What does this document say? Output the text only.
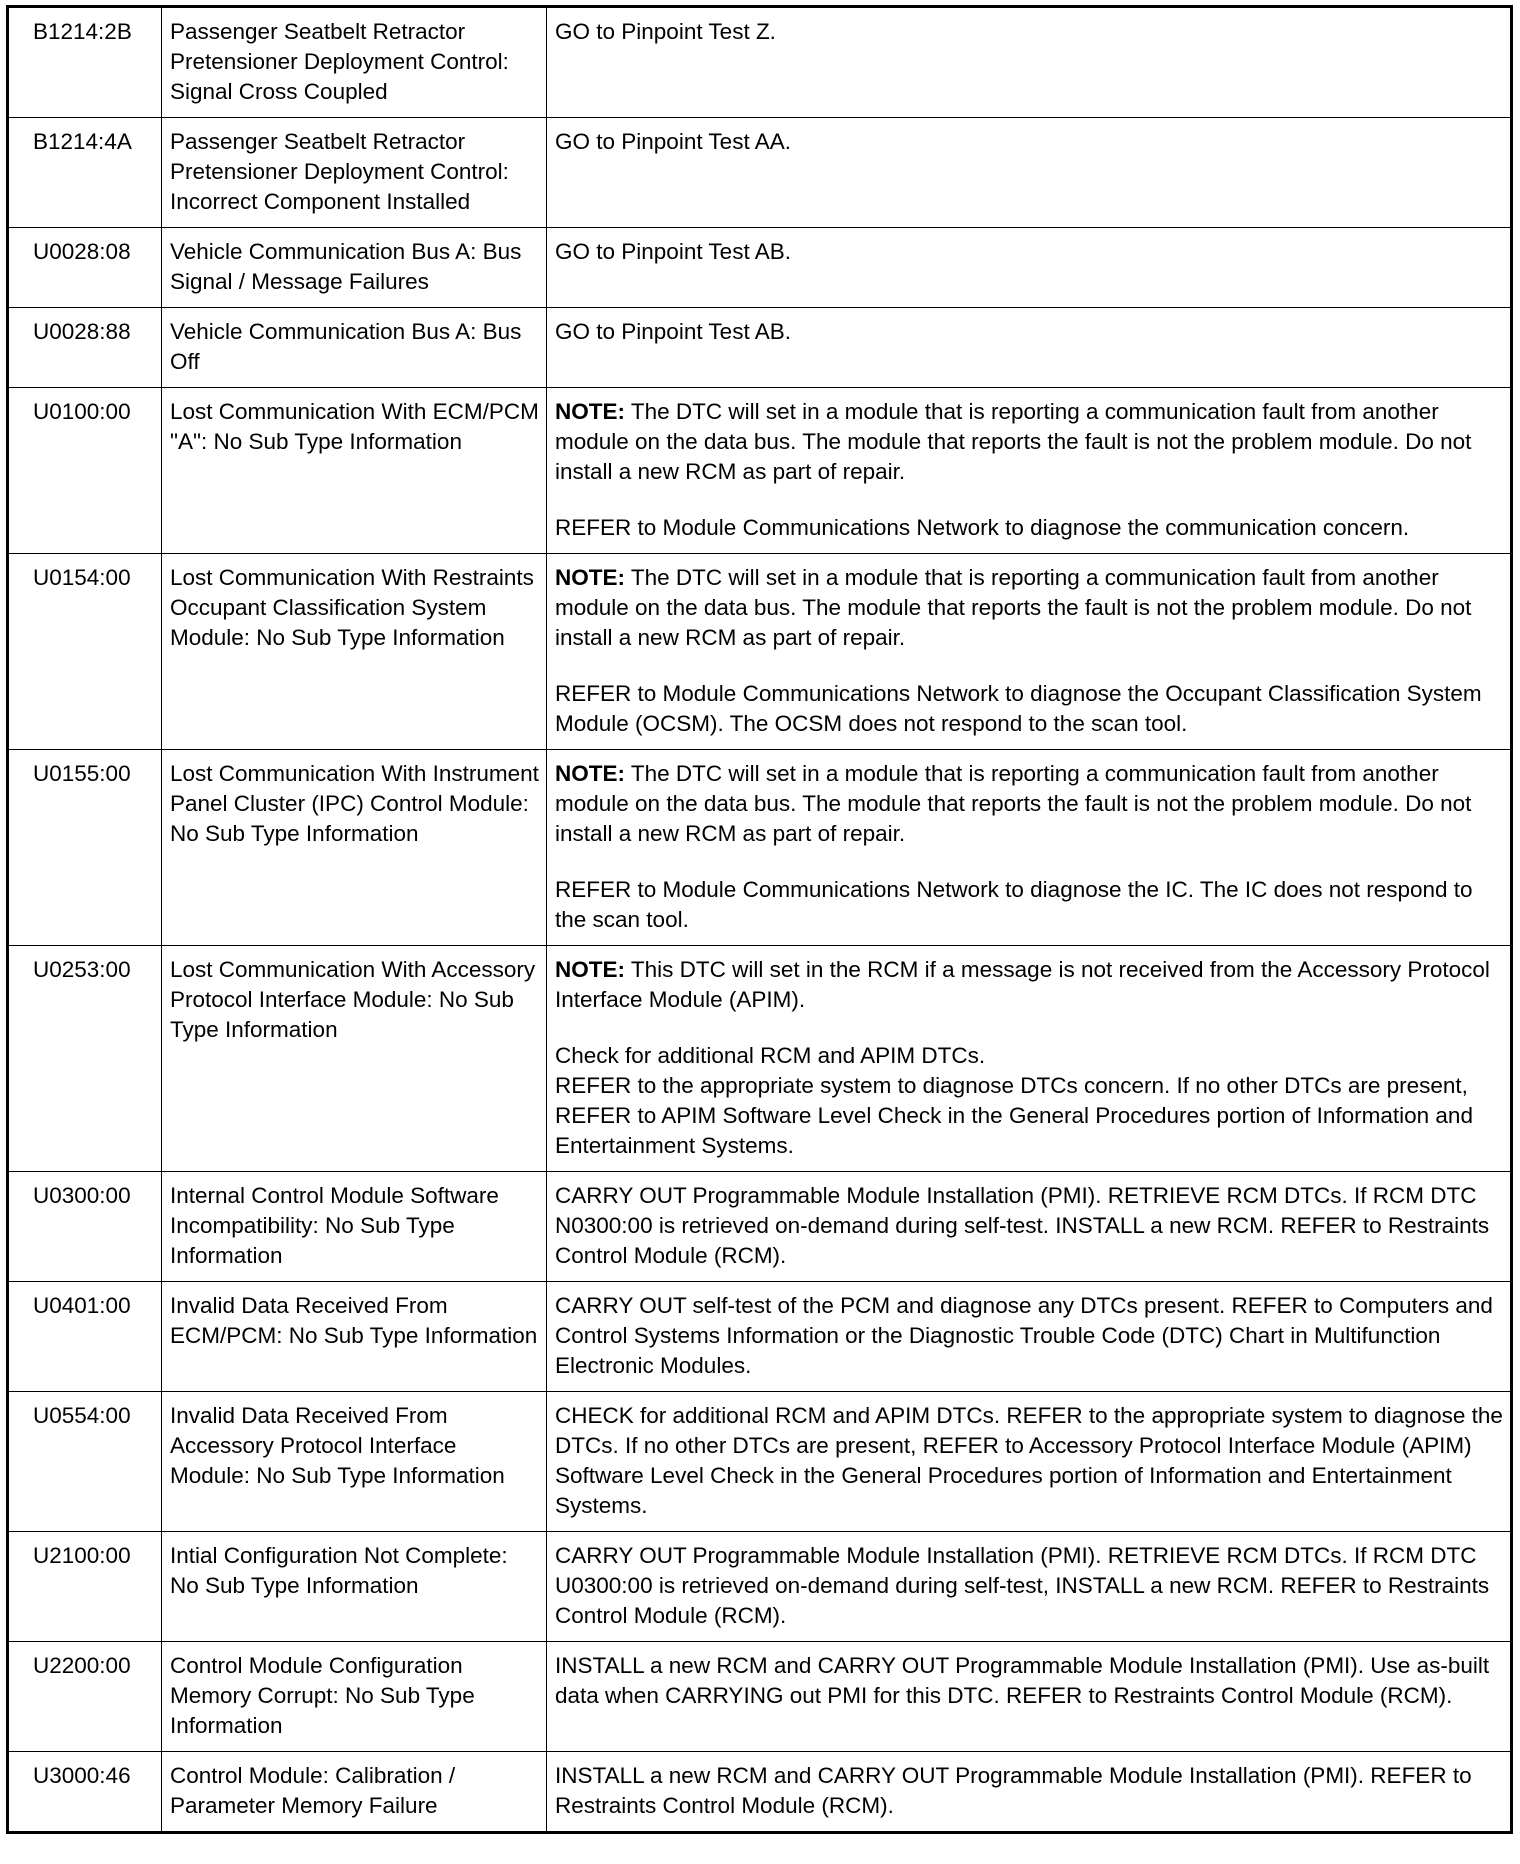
B1214:2B	Passenger Seatbelt Retractor Pretensioner Deployment Control: Signal Cross Coupled	GO to Pinpoint Test Z.

B1214:4A	Passenger Seatbelt Retractor Pretensioner Deployment Control: Incorrect Component Installed	GO to Pinpoint Test AA.

U0028:08	Vehicle Communication Bus A: Bus Signal / Message Failures	GO to Pinpoint Test AB.

U0028:88	Vehicle Communication Bus A: Bus Off	GO to Pinpoint Test AB.

U0100:00	Lost Communication With ECM/PCM "A": No Sub Type Information	NOTE: The DTC will set in a module that is reporting a communication fault from another module on the data bus. The module that reports the fault is not the problem module. Do not install a new RCM as part of repair.

REFER to Module Communications Network to diagnose the communication concern.

U0154:00	Lost Communication With Restraints Occupant Classification System Module: No Sub Type Information	NOTE: The DTC will set in a module that is reporting a communication fault from another module on the data bus. The module that reports the fault is not the problem module. Do not install a new RCM as part of repair.

REFER to Module Communications Network to diagnose the Occupant Classification System Module (OCSM). The OCSM does not respond to the scan tool.

U0155:00	Lost Communication With Instrument Panel Cluster (IPC) Control Module: No Sub Type Information	NOTE: The DTC will set in a module that is reporting a communication fault from another module on the data bus. The module that reports the fault is not the problem module. Do not install a new RCM as part of repair.

REFER to Module Communications Network to diagnose the IC. The IC does not respond to the scan tool.

U0253:00	Lost Communication With Accessory Protocol Interface Module: No Sub Type Information	NOTE: This DTC will set in the RCM if a message is not received from the Accessory Protocol Interface Module (APIM).

Check for additional RCM and APIM DTCs.
REFER to the appropriate system to diagnose DTCs concern. If no other DTCs are present, REFER to APIM Software Level Check in the General Procedures portion of Information and Entertainment Systems.

U0300:00	Internal Control Module Software Incompatibility: No Sub Type Information	CARRY OUT Programmable Module Installation (PMI). RETRIEVE RCM DTCs. If RCM DTC N0300:00 is retrieved on-demand during self-test. INSTALL a new RCM. REFER to Restraints Control Module (RCM).

U0401:00	Invalid Data Received From ECM/PCM: No Sub Type Information	CARRY OUT self-test of the PCM and diagnose any DTCs present. REFER to Computers and Control Systems Information or the Diagnostic Trouble Code (DTC) Chart in Multifunction Electronic Modules.

U0554:00	Invalid Data Received From Accessory Protocol Interface Module: No Sub Type Information	CHECK for additional RCM and APIM DTCs. REFER to the appropriate system to diagnose the DTCs. If no other DTCs are present, REFER to Accessory Protocol Interface Module (APIM) Software Level Check in the General Procedures portion of Information and Entertainment Systems.

U2100:00	Intial Configuration Not Complete: No Sub Type Information	CARRY OUT Programmable Module Installation (PMI). RETRIEVE RCM DTCs. If RCM DTC U0300:00 is retrieved on-demand during self-test, INSTALL a new RCM. REFER to Restraints Control Module (RCM).

U2200:00	Control Module Configuration Memory Corrupt: No Sub Type Information	INSTALL a new RCM and CARRY OUT Programmable Module Installation (PMI). Use as-built data when CARRYING out PMI for this DTC. REFER to Restraints Control Module (RCM).

U3000:46	Control Module: Calibration / Parameter Memory Failure	INSTALL a new RCM and CARRY OUT Programmable Module Installation (PMI). REFER to Restraints Control Module (RCM).
